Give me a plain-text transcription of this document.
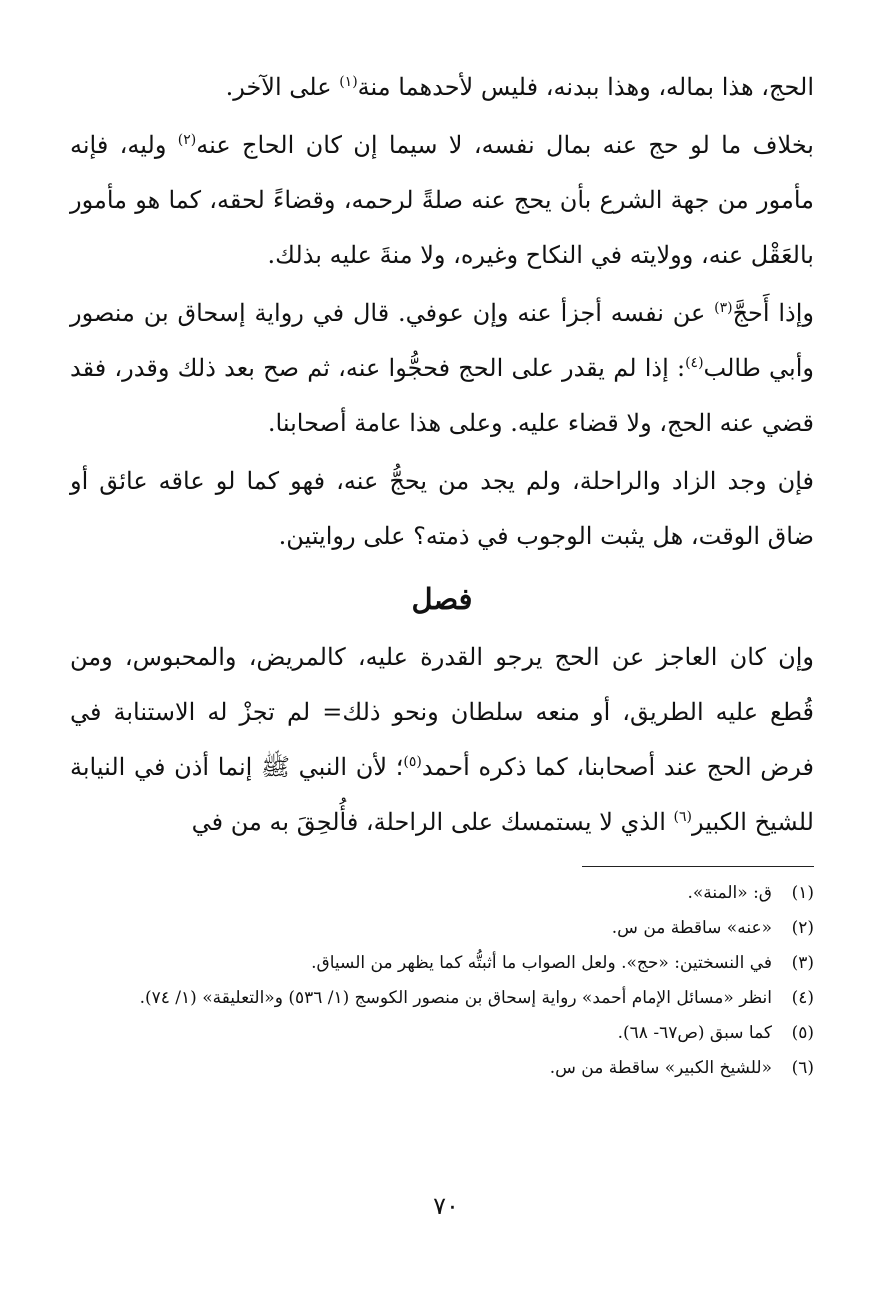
الحج، هذا بماله، وهذا ببدنه، فليس لأحدهما منة$^{(١)}$ على الآخر.

بخلاف ما لو حج عنه بمال نفسه، لا سيما إن كان الحاج عنه$^{(٢)}$ وليه، فإنه مأمور من جهة الشرع بأن يحج عنه صلةً لرحمه، وقضاءً لحقه، كما هو مأمور بالعَقْل عنه، وولايته في النكاح وغيره، ولا منةَ عليه بذلك.

وإذا أَحجَّ$^{(٣)}$ عن نفسه أجزأ عنه وإن عوفي. قال في رواية إسحاق بن منصور وأبي طالب$^{(٤)}$: إذا لم يقدر على الحج فحجُّوا عنه، ثم صح بعد ذلك وقدر، فقد قضي عنه الحج، ولا قضاء عليه. وعلى هذا عامة أصحابنا.

فإن وجد الزاد والراحلة، ولم يجد من يحجُّ عنه، فهو كما لو عاقه عائق أو ضاق الوقت، هل يثبت الوجوب في ذمته؟ على روايتين.

فصل

وإن كان العاجز عن الحج يرجو القدرة عليه، كالمريض، والمحبوس، ومن قُطع عليه الطريق، أو منعه سلطان ونحو ذلك= لم تجزْ له الاستنابة في فرض الحج عند أصحابنا، كما ذكره أحمد$^{(٥)}$؛ لأن النبي ﷺ إنما أذن في النيابة للشيخ الكبير$^{(٦)}$ الذي لا يستمسك على الراحلة، فأُلحِقَ به من في

(١)
ق: «المنة».
(٢)
«عنه» ساقطة من س.
(٣)
في النسختين: «حج». ولعل الصواب ما أثبتُّه كما يظهر من السياق.
(٤)
انظر «مسائل الإمام أحمد» رواية إسحاق بن منصور الكوسج (١/ ٥٣٦) و«التعليقة» (١/ ٧٤).
(٥)
كما سبق (ص٦٧- ٦٨).
(٦)
«للشيخ الكبير» ساقطة من س.
٧٠
